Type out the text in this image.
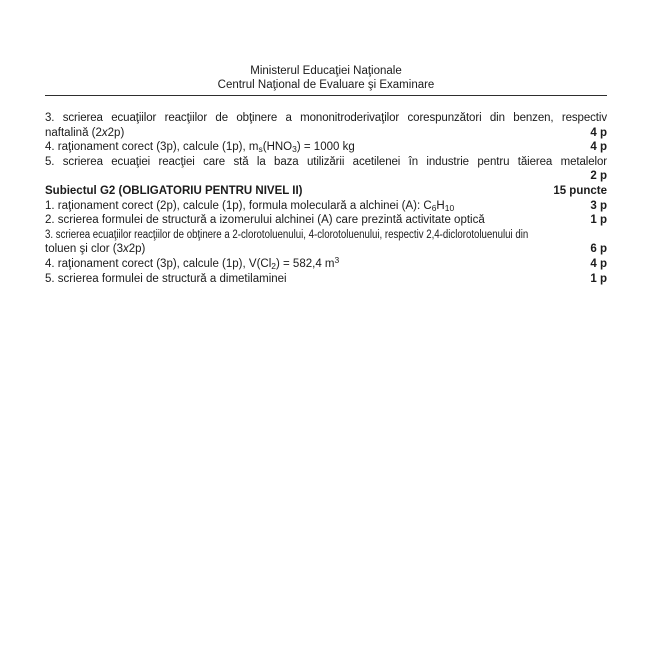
Ministerul Educaţiei Naţionale
Centrul Naţional de Evaluare şi Examinare
3. scrierea ecuaţiilor reacţiilor de obţinere a mononitroderivaţilor corespunzători din benzen, respectiv
naftalină (2x2p)	4 p
4. raţionament corect (3p), calcule (1p), $m_s(HNO_3) = 1000$ kg	4 p
5. scrierea ecuaţiei reacţiei care stă la baza utilizării acetilenei în industrie pentru tăierea metalelor
2 p
Subiectul G2 (OBLIGATORIU PENTRU NIVEL II)	15 puncte
1. raţionament corect (2p), calcule (1p), formula moleculară a alchinei (A): $C_6H_{10}$	3 p
2. scrierea formulei de structură a izomerului alchinei (A) care prezintă activitate optică	1 p
3. scrierea ecuaţiilor reacţiilor de obţinere a 2-clorotoluenului, 4-clorotoluenului, respectiv 2,4-diclorotoluenului din
toluen şi clor (3x2p)	6 p
4. raţionament corect (3p), calcule (1p), $V(Cl_2) = 582,4$ $m^3$	4 p
5. scrierea formulei de structură a dimetilaminei	1 p
